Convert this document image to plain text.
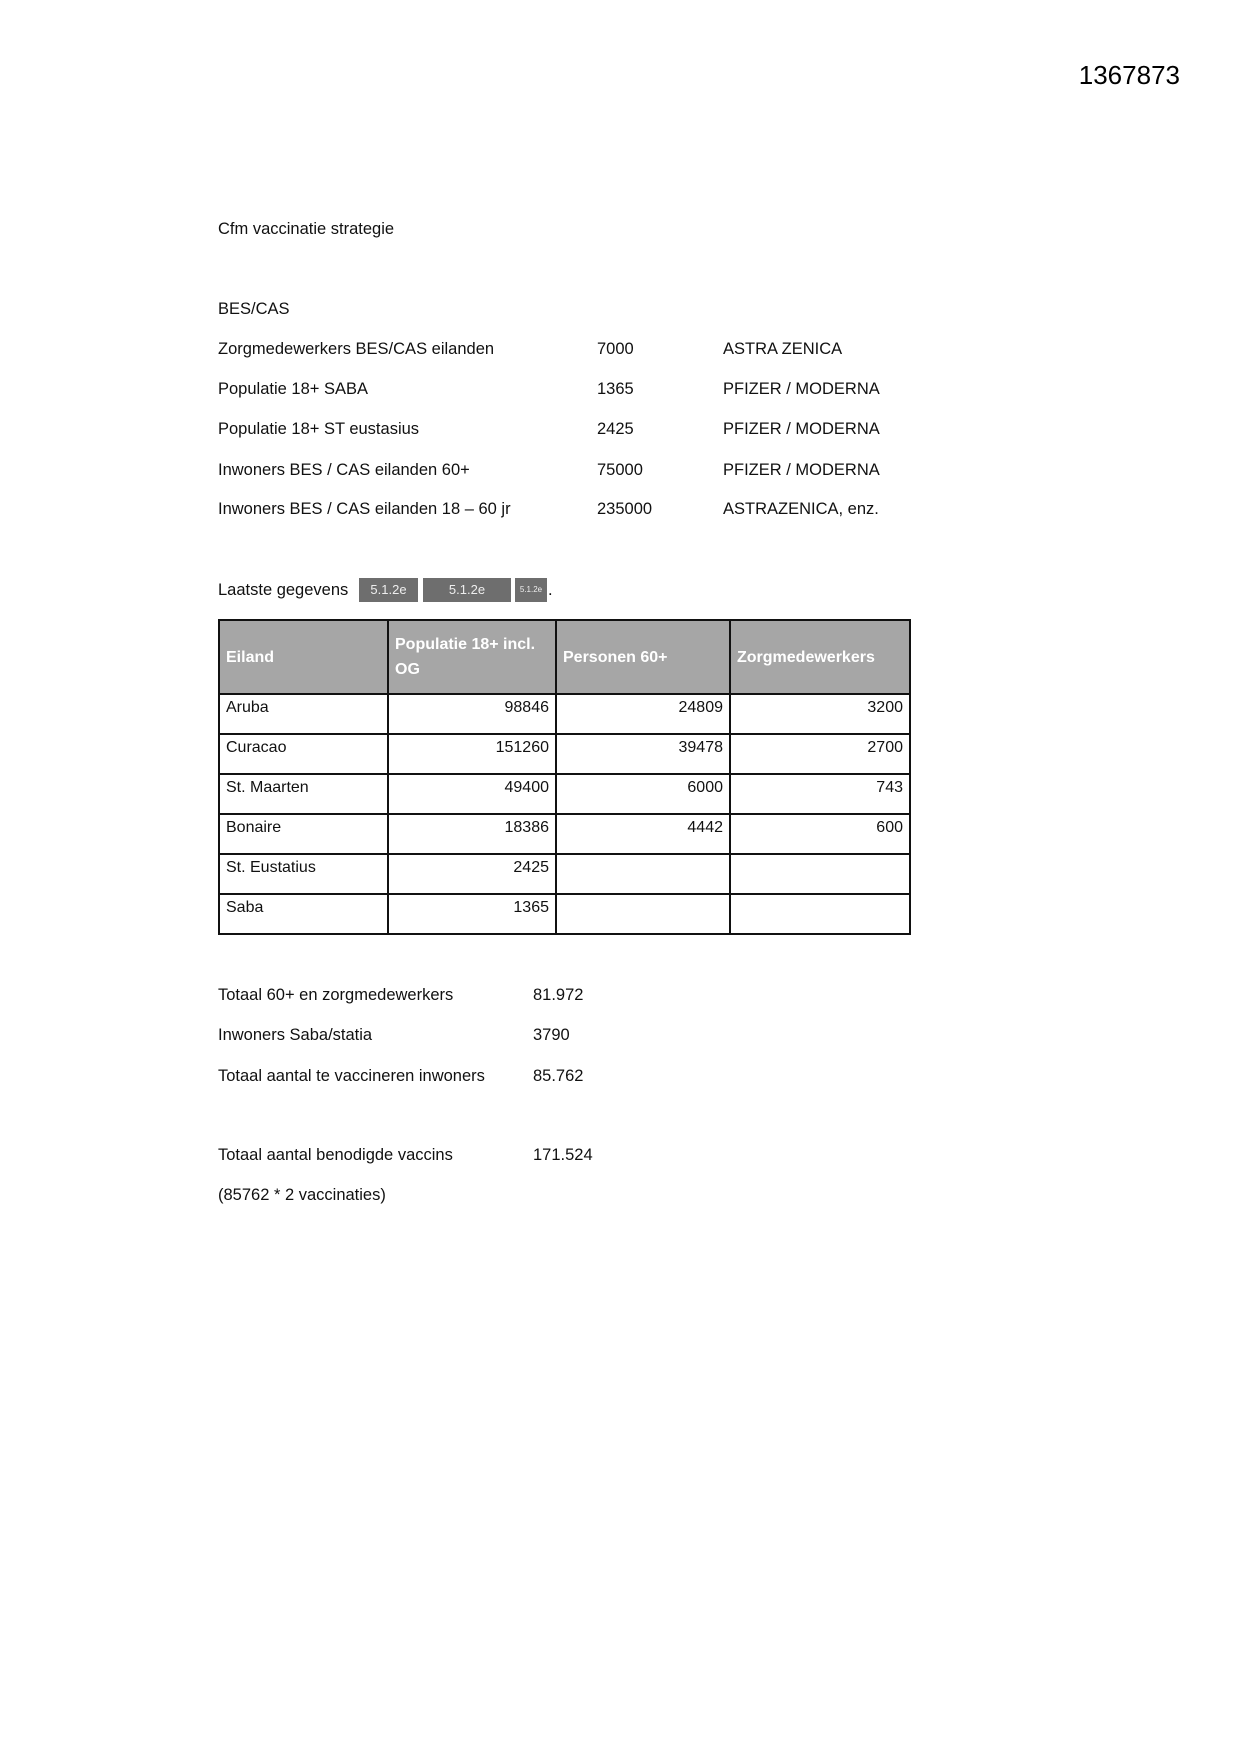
1367873
Cfm vaccinatie strategie
BES/CAS
Zorgmedewerkers BES/CAS eilanden	7000	ASTRA ZENICA
Populatie 18+ SABA	1365	PFIZER / MODERNA
Populatie 18+ ST eustasius	2425	PFIZER / MODERNA
Inwoners BES / CAS eilanden 60+	75000	PFIZER / MODERNA
Inwoners BES / CAS eilanden 18 – 60 jr	235000	ASTRAZENICA, enz.
Laatste gegevens	5.1.2e	5.1.2e	5.1.2e .
Eiland	Populatie 18+ incl. OG	Personen 60+	Zorgmedewerkers
Aruba	98846	24809	3200
Curacao	151260	39478	2700
St. Maarten	49400	6000	743
Bonaire	18386	4442	600
St. Eustatius	2425		
Saba	1365		
Totaal 60+ en zorgmedewerkers	81.972
Inwoners Saba/statia	3790
Totaal aantal te vaccineren inwoners	85.762
Totaal aantal benodigde vaccins	171.524
(85762 * 2 vaccinaties)
